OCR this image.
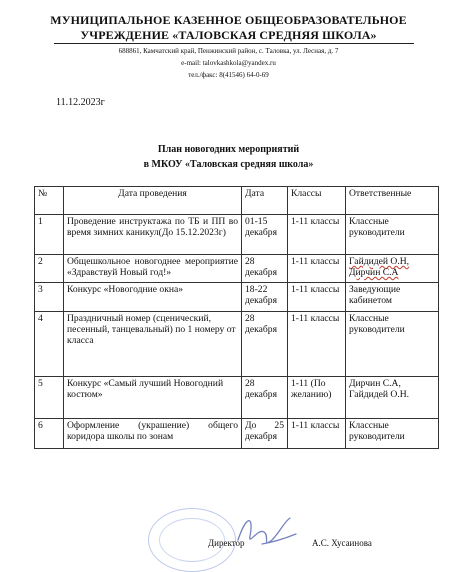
МУНИЦИПАЛЬНОЕ КАЗЕННОЕ ОБЩЕОБРАЗОВАТЕЛЬНОЕ
УЧРЕЖДЕНИЕ «ТАЛОВСКАЯ СРЕДНЯЯ ШКОЛА»
688861, Камчатский край, Пенжинский район, с. Таловка, ул. Лесная, д. 7
e-mail: talovkashkola@yandex.ru
тел./факс: 8(41546) 64-0-69
11.12.2023г
План новогодних мероприятий
в МКОУ «Таловская средняя школа»
№	Дата проведения	Дата	Классы	Ответственные
1	Проведение инструктажа по ТБ и ПП во время зимних каникул(До 15.12.2023г)	01-15 декабря	1-11 классы	Классные руководители
2	Общешкольное новогоднее мероприятие «Здравствуй Новый год!»	28 декабря	1-11 классы	Гайдидей О.Н, Дирчин С.А
3	Конкурс «Новогодние окна»	18-22 декабря	1-11 классы	Заведующие кабинетом
4	Праздничный номер (сценический, песенный, танцевальный) по 1 номеру от класса	28 декабря	1-11 классы	Классные руководители
5	Конкурс «Самый лучший Новогодний костюм»	28 декабря	1-11 (По желанию)	Дирчин С.А, Гайдидей О.Н.
6	Оформление (украшение) общего коридора школы по зонам	До 25 декабря	1-11 классы	Классные руководители
Директор	А.С. Хусаинова
